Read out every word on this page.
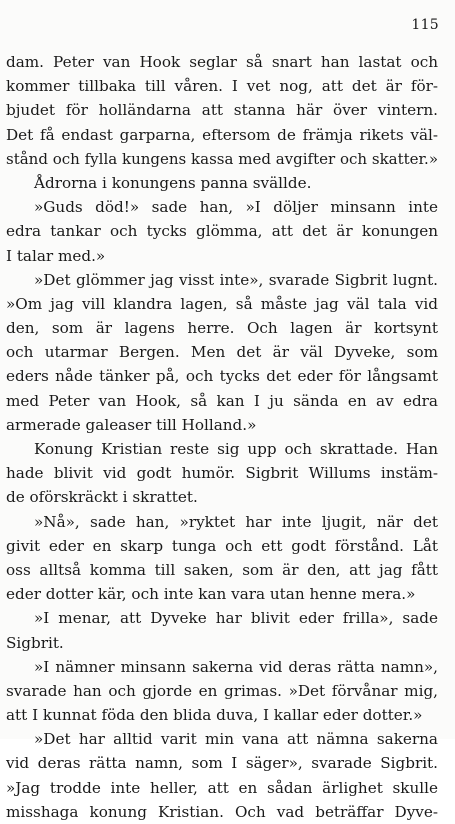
115
dam. Peter van Hook seglar så snart han lastat och
kommer tillbaka till våren. I vet nog, att det är för-
bjudet för holländarna att stanna här över vintern.
Det få endast garparna, eftersom de främja rikets väl-
stånd och fylla kungens kassa med avgifter och skatter.»
Ådrorna i konungens panna svällde.
»Guds död!» sade han, »I döljer minsann inte
edra tankar och tycks glömma, att det är konungen
I talar med.»
»Det glömmer jag visst inte», svarade Sigbrit lugnt.
»Om jag vill klandra lagen, så måste jag väl tala vid
den, som är lagens herre. Och lagen är kortsynt
och utarmar Bergen. Men det är väl Dyveke, som
eders nåde tänker på, och tycks det eder för långsamt
med Peter van Hook, så kan I ju sända en av edra
armerade galeaser till Holland.»
Konung Kristian reste sig upp och skrattade. Han
hade blivit vid godt humör. Sigbrit Willums instäm-
de oförskräckt i skrattet.
»Nå», sade han, »ryktet har inte ljugit, när det
givit eder en skarp tunga och ett godt förstånd. Låt
oss alltså komma till saken, som är den, att jag fått
eder dotter kär, och inte kan vara utan henne mera.»
»I menar, att Dyveke har blivit eder frilla», sade
Sigbrit.
»I nämner minsann sakerna vid deras rätta namn»,
svarade han och gjorde en grimas. »Det förvånar mig,
att I kunnat föda den blida duva, I kallar eder dotter.»
»Det har alltid varit min vana att nämna sakerna
vid deras rätta namn, som I säger», svarade Sigbrit.
»Jag trodde inte heller, att en sådan ärlighet skulle
misshaga konung Kristian. Och vad beträffar Dyve-
